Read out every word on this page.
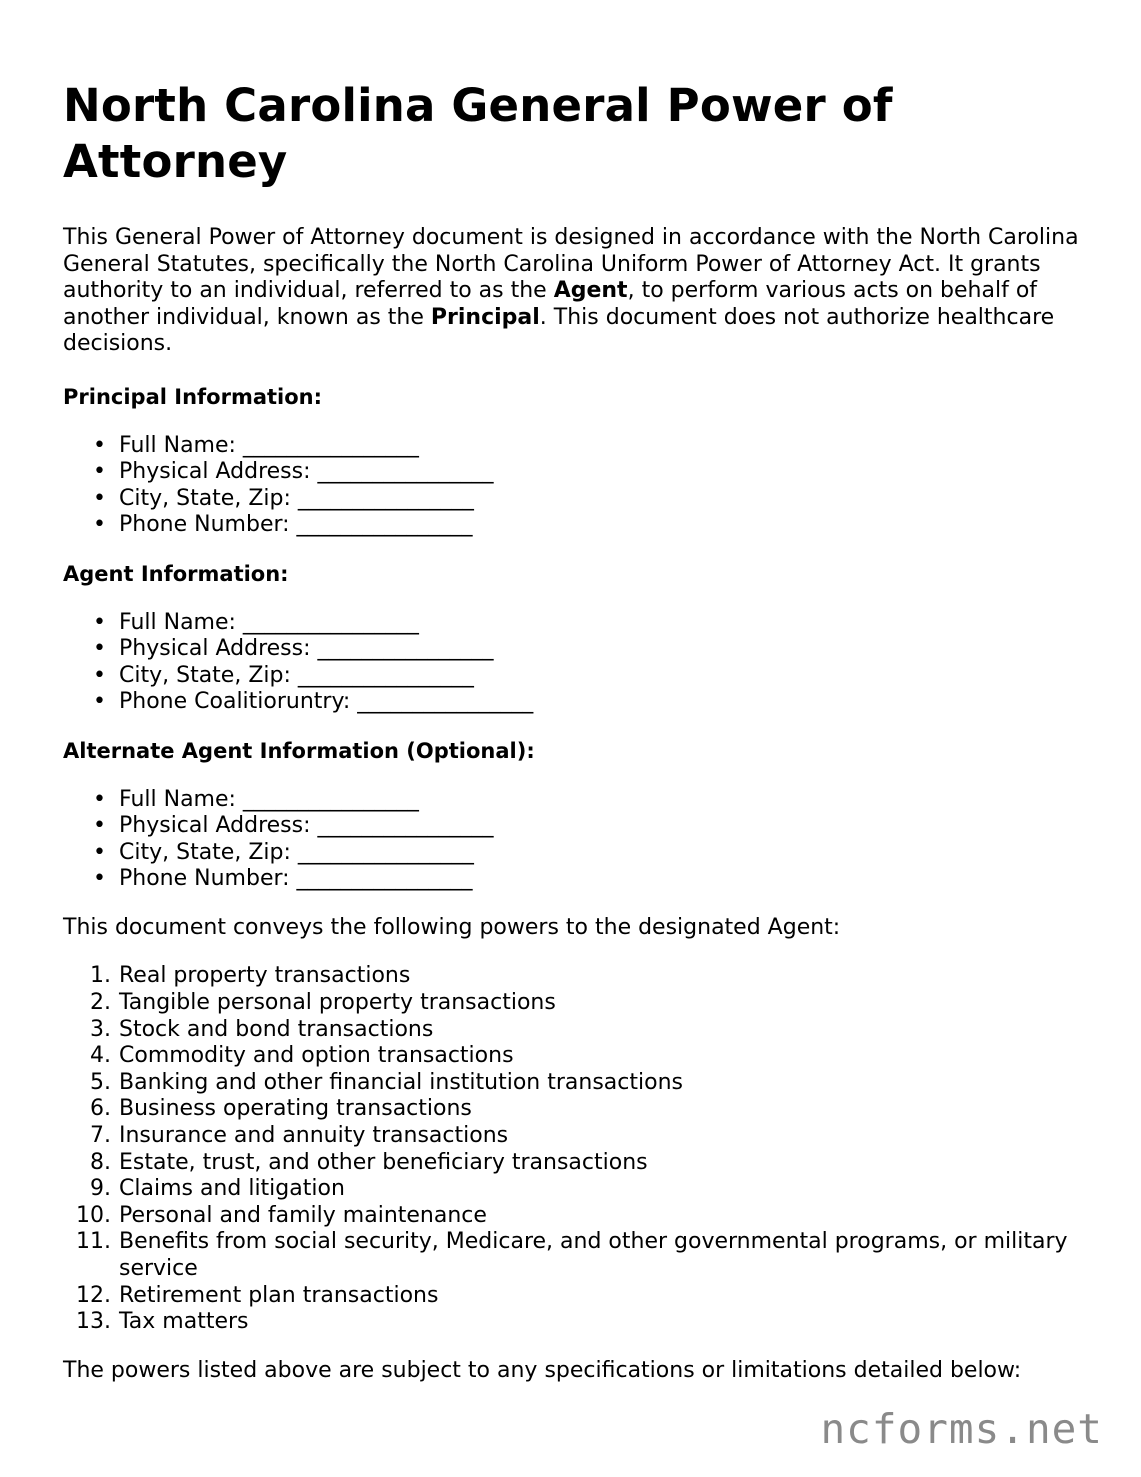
North Carolina General Power of Attorney

This General Power of Attorney document is designed in accordance with the North Carolina General Statutes, specifically the North Carolina Uniform Power of Attorney Act. It grants authority to an individual, referred to as the Agent, to perform various acts on behalf of another individual, known as the Principal. This document does not authorize healthcare decisions.

Principal Information:
• Full Name: ________________
• Physical Address: ________________
• City, State, Zip: ________________
• Phone Number: ________________
Agent Information:
• Full Name: ________________
• Physical Address: ________________
• City, State, Zip: ________________
• Phone Coalitioruntry: ________________
Alternate Agent Information (Optional):
• Full Name: ________________
• Physical Address: ________________
• City, State, Zip: ________________
• Phone Number: ________________

This document conveys the following powers to the designated Agent:

1. Real property transactions
2. Tangible personal property transactions
3. Stock and bond transactions
4. Commodity and option transactions
5. Banking and other financial institution transactions
6. Business operating transactions
7. Insurance and annuity transactions
8. Estate, trust, and other beneficiary transactions
9. Claims and litigation
10. Personal and family maintenance
11. Benefits from social security, Medicare, and other governmental programs, or military service
12. Retirement plan transactions
13. Tax matters

The powers listed above are subject to any specifications or limitations detailed below:

ncforms.net
